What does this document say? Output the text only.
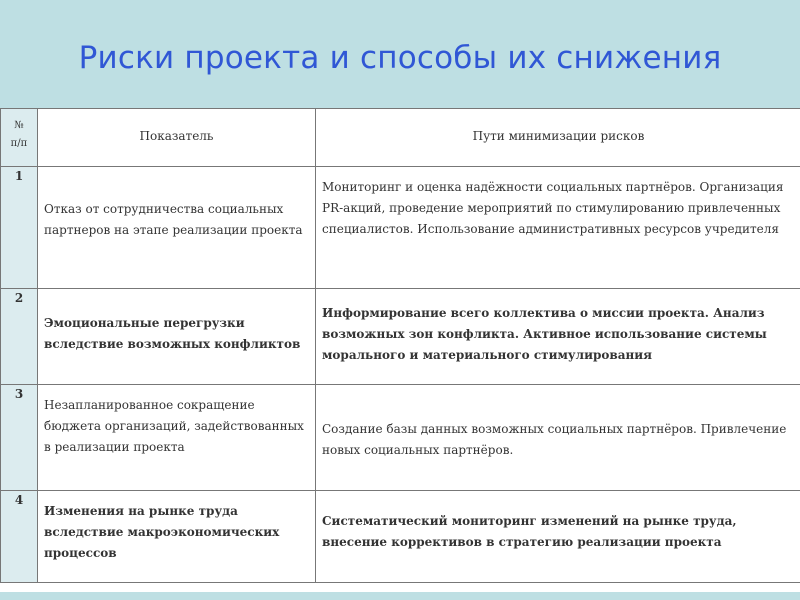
Риски проекта и способы их снижения
№
п/п	Показатель	Пути минимизации рисков

1	Отказ от сотрудничества социальных партнеров на этапе реализации проекта	Мониторинг и оценка надёжности социальных партнёров. Организация PR-акций, проведение мероприятий по стимулированию привлеченных специалистов. Использование административных ресурсов учредителя

2	Эмоциональные перегрузки вследствие возможных конфликтов	Информирование всего коллектива о миссии проекта. Анализ возможных зон конфликта. Активное использование системы морального и материального стимулирования

3	Незапланированное сокращение бюджета организаций, задействованных в реализации проекта	Создание базы данных возможных социальных партнёров. Привлечение новых социальных партнёров.

4	Изменения на рынке труда вследствие макроэкономических процессов	Систематический мониторинг изменений на рынке труда, внесение коррективов в стратегию реализации проекта
